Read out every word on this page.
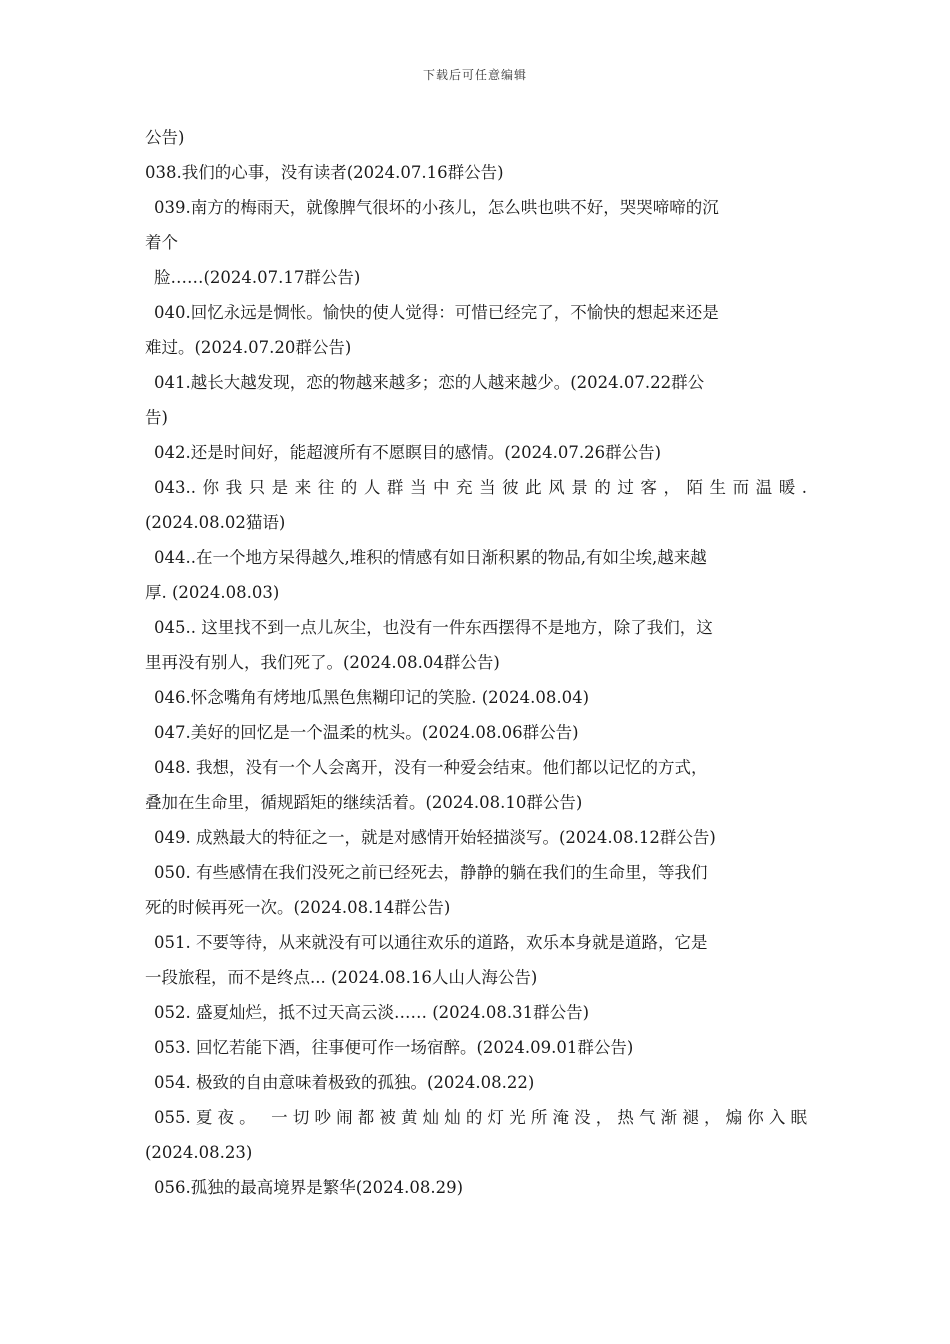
下载后可任意编辑
公告)
038.我们的心事，没有读者(2024.07.16群公告)
039.南方的梅雨天，就像脾气很坏的小孩儿，怎么哄也哄不好，哭哭啼啼的沉
着个
脸……(2024.07.17群公告)
040.回忆永远是惆怅。愉快的使人觉得：可惜已经完了，不愉快的想起来还是
难过。(2024.07.20群公告)
041.越长大越发现，恋的物越来越多；恋的人越来越少。(2024.07.22群公
告)
042.还是时间好，能超渡所有不愿瞑目的感情。(2024.07.26群公告)
043..你我只是来往的人群当中充当彼此风景的过客，陌生而温暖.
(2024.08.02猫语)
044..在一个地方呆得越久,堆积的情感有如日渐积累的物品,有如尘埃,越来越
厚. (2024.08.03)
045.. 这里找不到一点儿灰尘，也没有一件东西摆得不是地方，除了我们，这
里再没有别人，我们死了。(2024.08.04群公告)
046.怀念嘴角有烤地瓜黑色焦糊印记的笑脸. (2024.08.04)
047.美好的回忆是一个温柔的枕头。(2024.08.06群公告)
048. 我想，没有一个人会离开，没有一种爱会结束。他们都以记忆的方式，
叠加在生命里，循规蹈矩的继续活着。(2024.08.10群公告)
049. 成熟最大的特征之一，就是对感情开始轻描淡写。(2024.08.12群公告)
050. 有些感情在我们没死之前已经死去，静静的躺在我们的生命里，等我们
死的时候再死一次。(2024.08.14群公告)
051. 不要等待，从来就没有可以通往欢乐的道路，欢乐本身就是道路，它是
一段旅程，而不是终点... (2024.08.16人山人海公告)
052. 盛夏灿烂，抵不过天高云淡…… (2024.08.31群公告)
053. 回忆若能下酒，往事便可作一场宿醉。(2024.09.01群公告)
054. 极致的自由意味着极致的孤独。(2024.08.22)
055.夏夜。 一切吵闹都被黄灿灿的灯光所淹没，热气渐褪，煽你入眠
(2024.08.23)
056.孤独的最高境界是繁华(2024.08.29)
